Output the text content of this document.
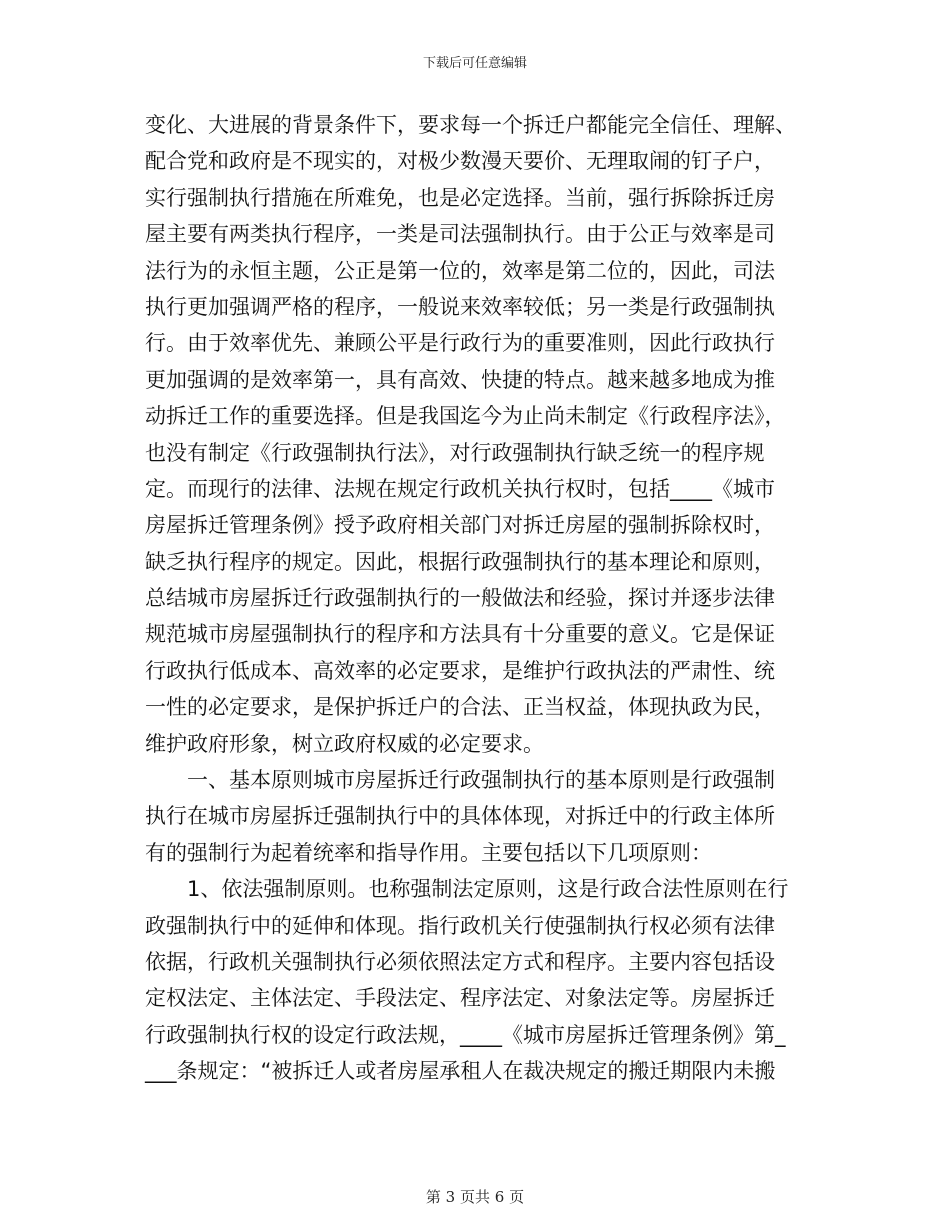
下载后可任意编辑
变化、大进展的背景条件下，要求每一个拆迁户都能完全信任、理解、
配合党和政府是不现实的，对极少数漫天要价、无理取闹的钉子户，
实行强制执行措施在所难免，也是必定选择。当前，强行拆除拆迁房
屋主要有两类执行程序，一类是司法强制执行。由于公正与效率是司
法行为的永恒主题，公正是第一位的，效率是第二位的，因此，司法
执行更加强调严格的程序，一般说来效率较低；另一类是行政强制执
行。由于效率优先、兼顾公平是行政行为的重要准则，因此行政执行
更加强调的是效率第一，具有高效、快捷的特点。越来越多地成为推
动拆迁工作的重要选择。但是我国迄今为止尚未制定《行政程序法》，
也没有制定《行政强制执行法》，对行政强制执行缺乏统一的程序规
定。而现行的法律、法规在规定行政机关执行权时，包括____《城市
房屋拆迁管理条例》授予政府相关部门对拆迁房屋的强制拆除权时，
缺乏执行程序的规定。因此，根据行政强制执行的基本理论和原则，
总结城市房屋拆迁行政强制执行的一般做法和经验，探讨并逐步法律
规范城市房屋强制执行的程序和方法具有十分重要的意义。它是保证
行政执行低成本、高效率的必定要求，是维护行政执法的严肃性、统
一性的必定要求，是保护拆迁户的合法、正当权益，体现执政为民，
维护政府形象，树立政府权威的必定要求。
一、基本原则城市房屋拆迁行政强制执行的基本原则是行政强制
执行在城市房屋拆迁强制执行中的具体体现，对拆迁中的行政主体所
有的强制行为起着统率和指导作用。主要包括以下几项原则：
1、依法强制原则。也称强制法定原则，这是行政合法性原则在行
政强制执行中的延伸和体现。指行政机关行使强制执行权必须有法律
依据，行政机关强制执行必须依照法定方式和程序。主要内容包括设
定权法定、主体法定、手段法定、程序法定、对象法定等。房屋拆迁
行政强制执行权的设定行政法规，____《城市房屋拆迁管理条例》第_
___条规定：“被拆迁人或者房屋承租人在裁决规定的搬迁期限内未搬
第 3 页共 6 页
